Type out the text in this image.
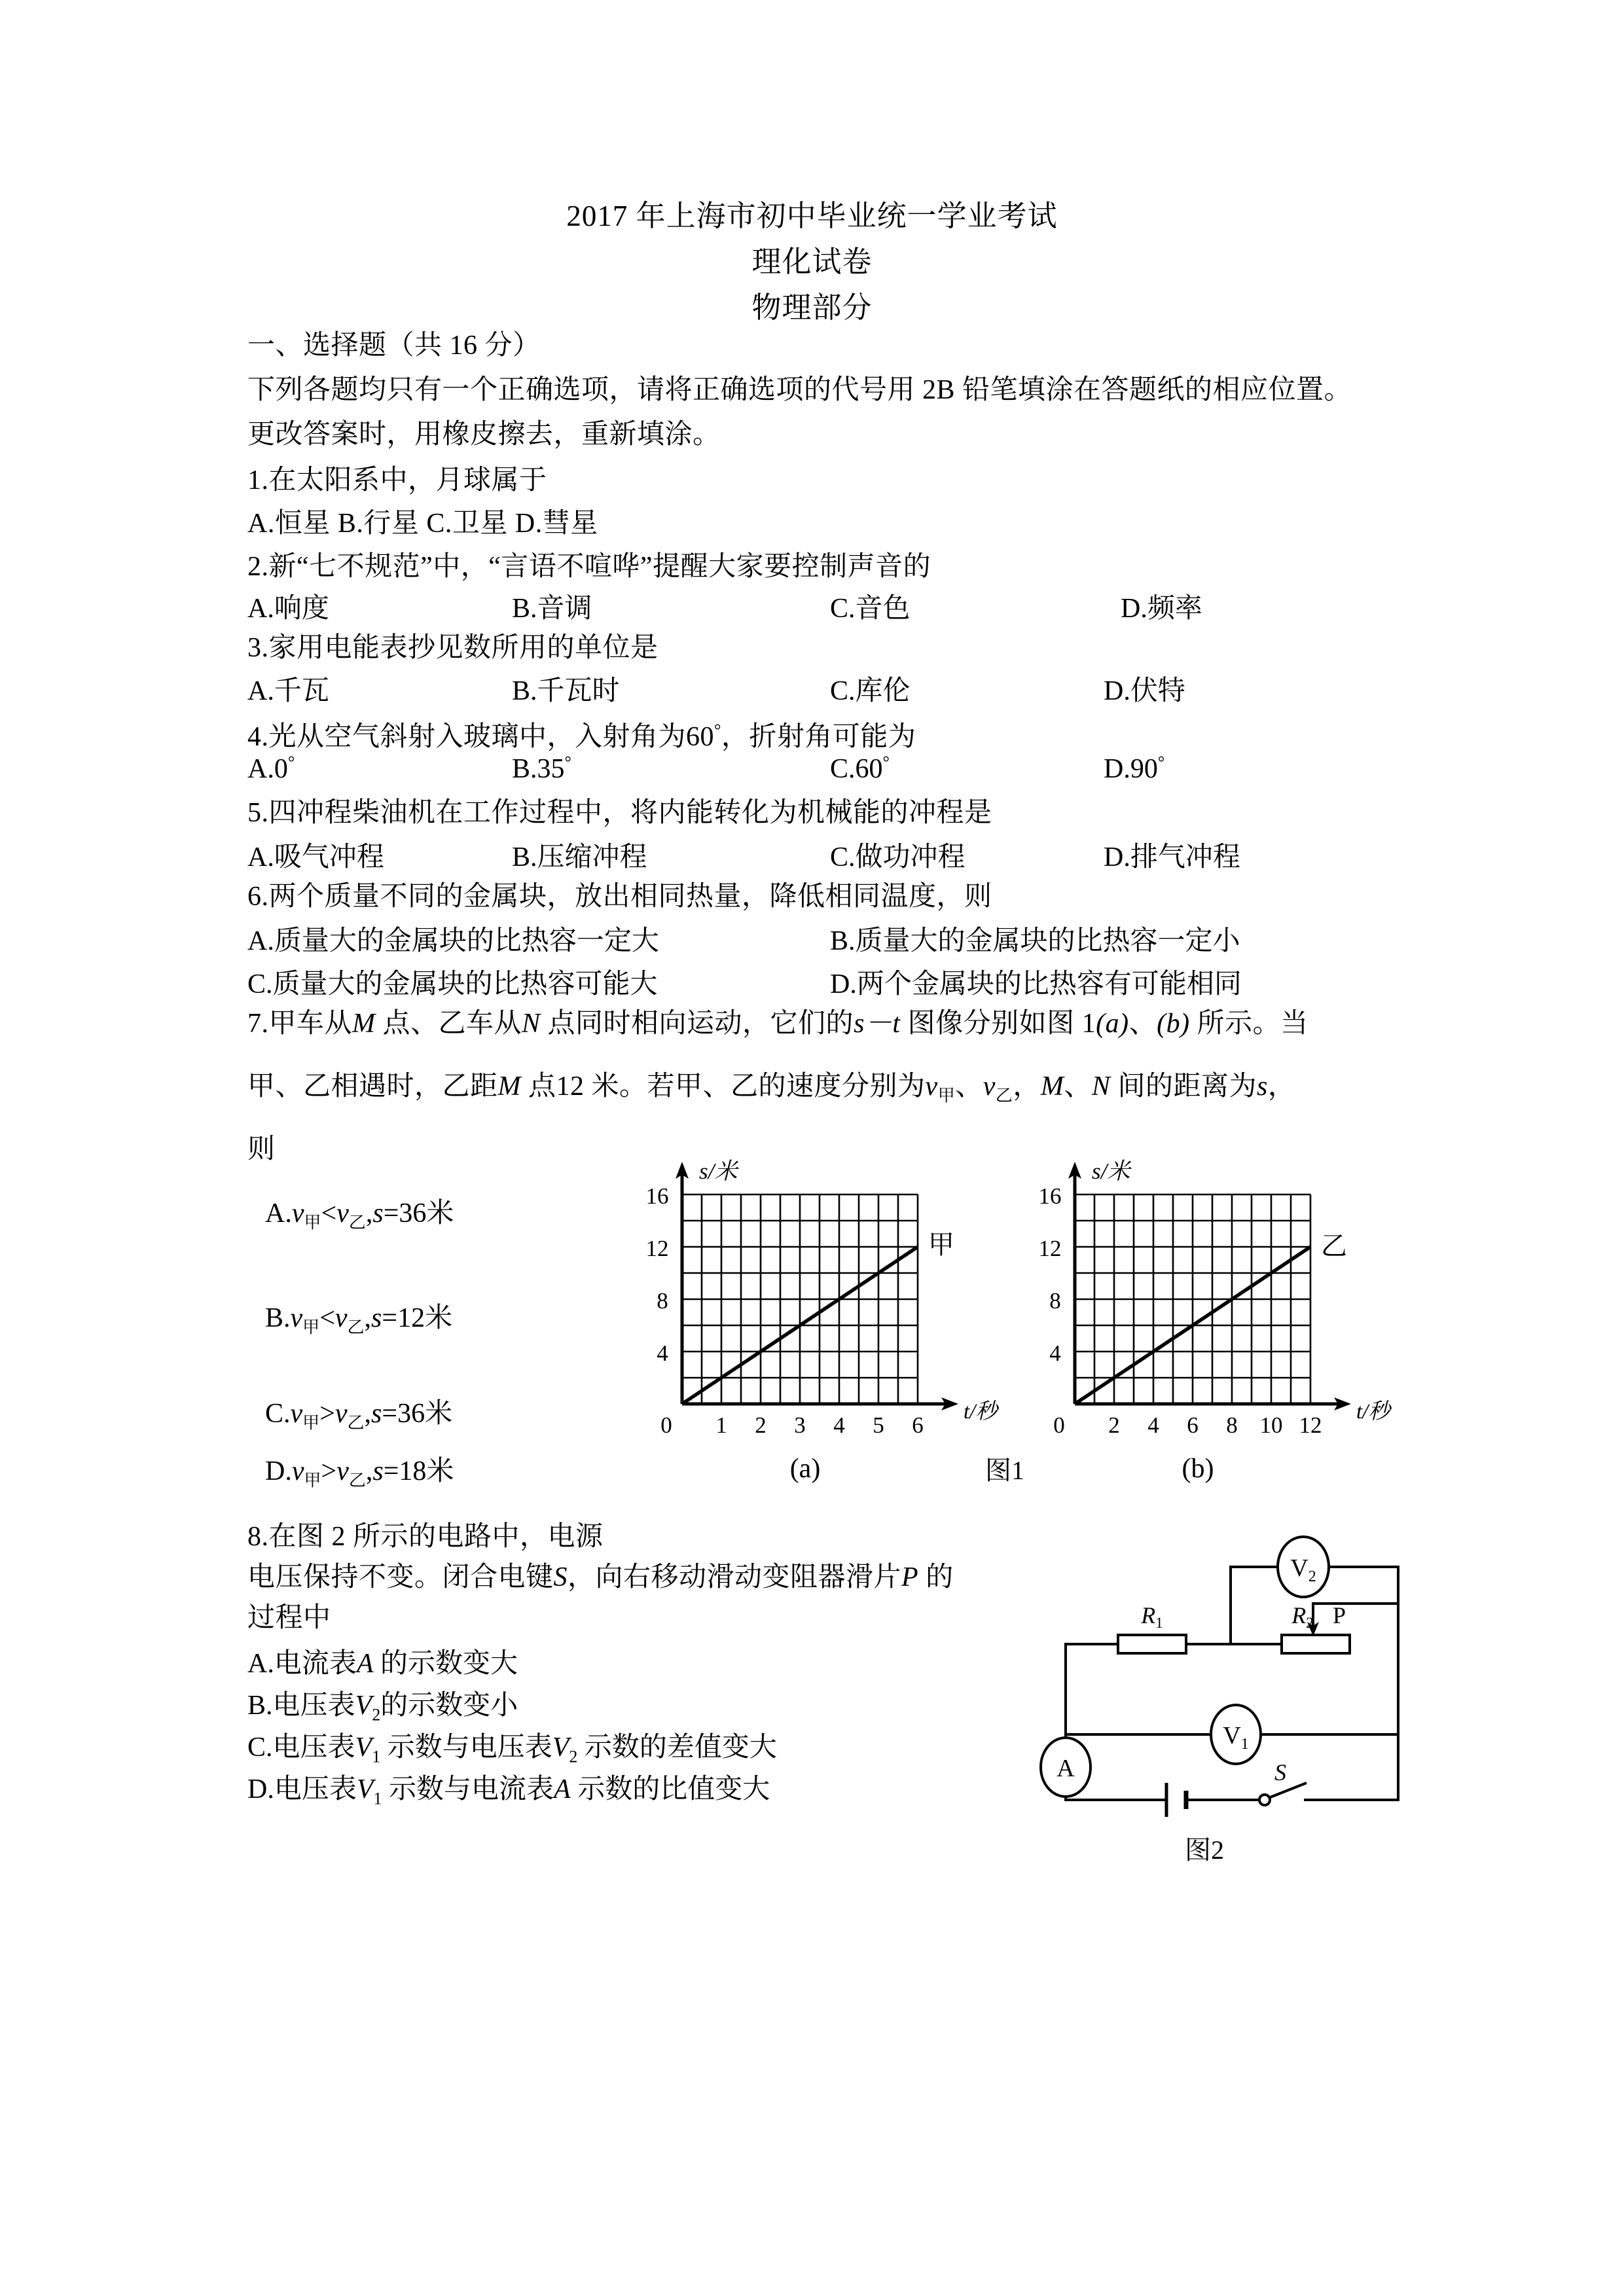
2017 年上海市初中毕业统一学业考试
理化试卷
物理部分
一、选择题（共 16 分）
下列各题均只有一个正确选项，请将正确选项的代号用 2B 铅笔填涂在答题纸的相应位置。
更改答案时，用橡皮擦去，重新填涂。
1.在太阳系中，月球属于
A.恒星 B.行星 C.卫星 D.彗星
2.新“七不规范”中，“言语不喧哗”提醒大家要控制声音的
A.响度	B.音调	C.音色	D.频率
3.家用电能表抄见数所用的单位是
A.千瓦	B.千瓦时	C.库伦	D.伏特
4.光从空气斜射入玻璃中，入射角为60°，折射角可能为
A.0°	B.35°	C.60°	D.90°
5.四冲程柴油机在工作过程中，将内能转化为机械能的冲程是
A.吸气冲程	B.压缩冲程	C.做功冲程	D.排气冲程
6.两个质量不同的金属块，放出相同热量，降低相同温度，则
A.质量大的金属块的比热容一定大	B.质量大的金属块的比热容一定小
C.质量大的金属块的比热容可能大	D.两个金属块的比热容有可能相同
7.甲车从M 点、乙车从N 点同时相向运动，它们的s－t 图像分别如图 1(a)、(b) 所示。当
甲、乙相遇时，乙距M 点12 米。若甲、乙的速度分别为$v_甲$、$v_乙$，M、N 间的距离为s，
则
$A.v_甲<v_乙,s=36$米
$B.v_甲<v_乙,s=12$米
$C.v_甲>v_乙,s=36$米
$D.v_甲>v_乙,s=18$米
s/米
t/秒
16
12
8
4
0 1 2 3 4 5 6
甲
(a)
s/米
t/秒
16
12
8
4
0 2 4 6 8 10 12
乙
(b)
图1
8.在图 2 所示的电路中，电源
电压保持不变。闭合电键S，向右移动滑动变阻器滑片P 的
过程中
A.电流表A 的示数变大
B.电压表$V_2$的示数变小
C.电压表$V_1$ 示数与电压表$V_2$ 示数的差值变大
D.电压表$V_1$ 示数与电流表A 示数的比值变大
$V_2$
$V_1$
A
R1	R2 P
S
图2
